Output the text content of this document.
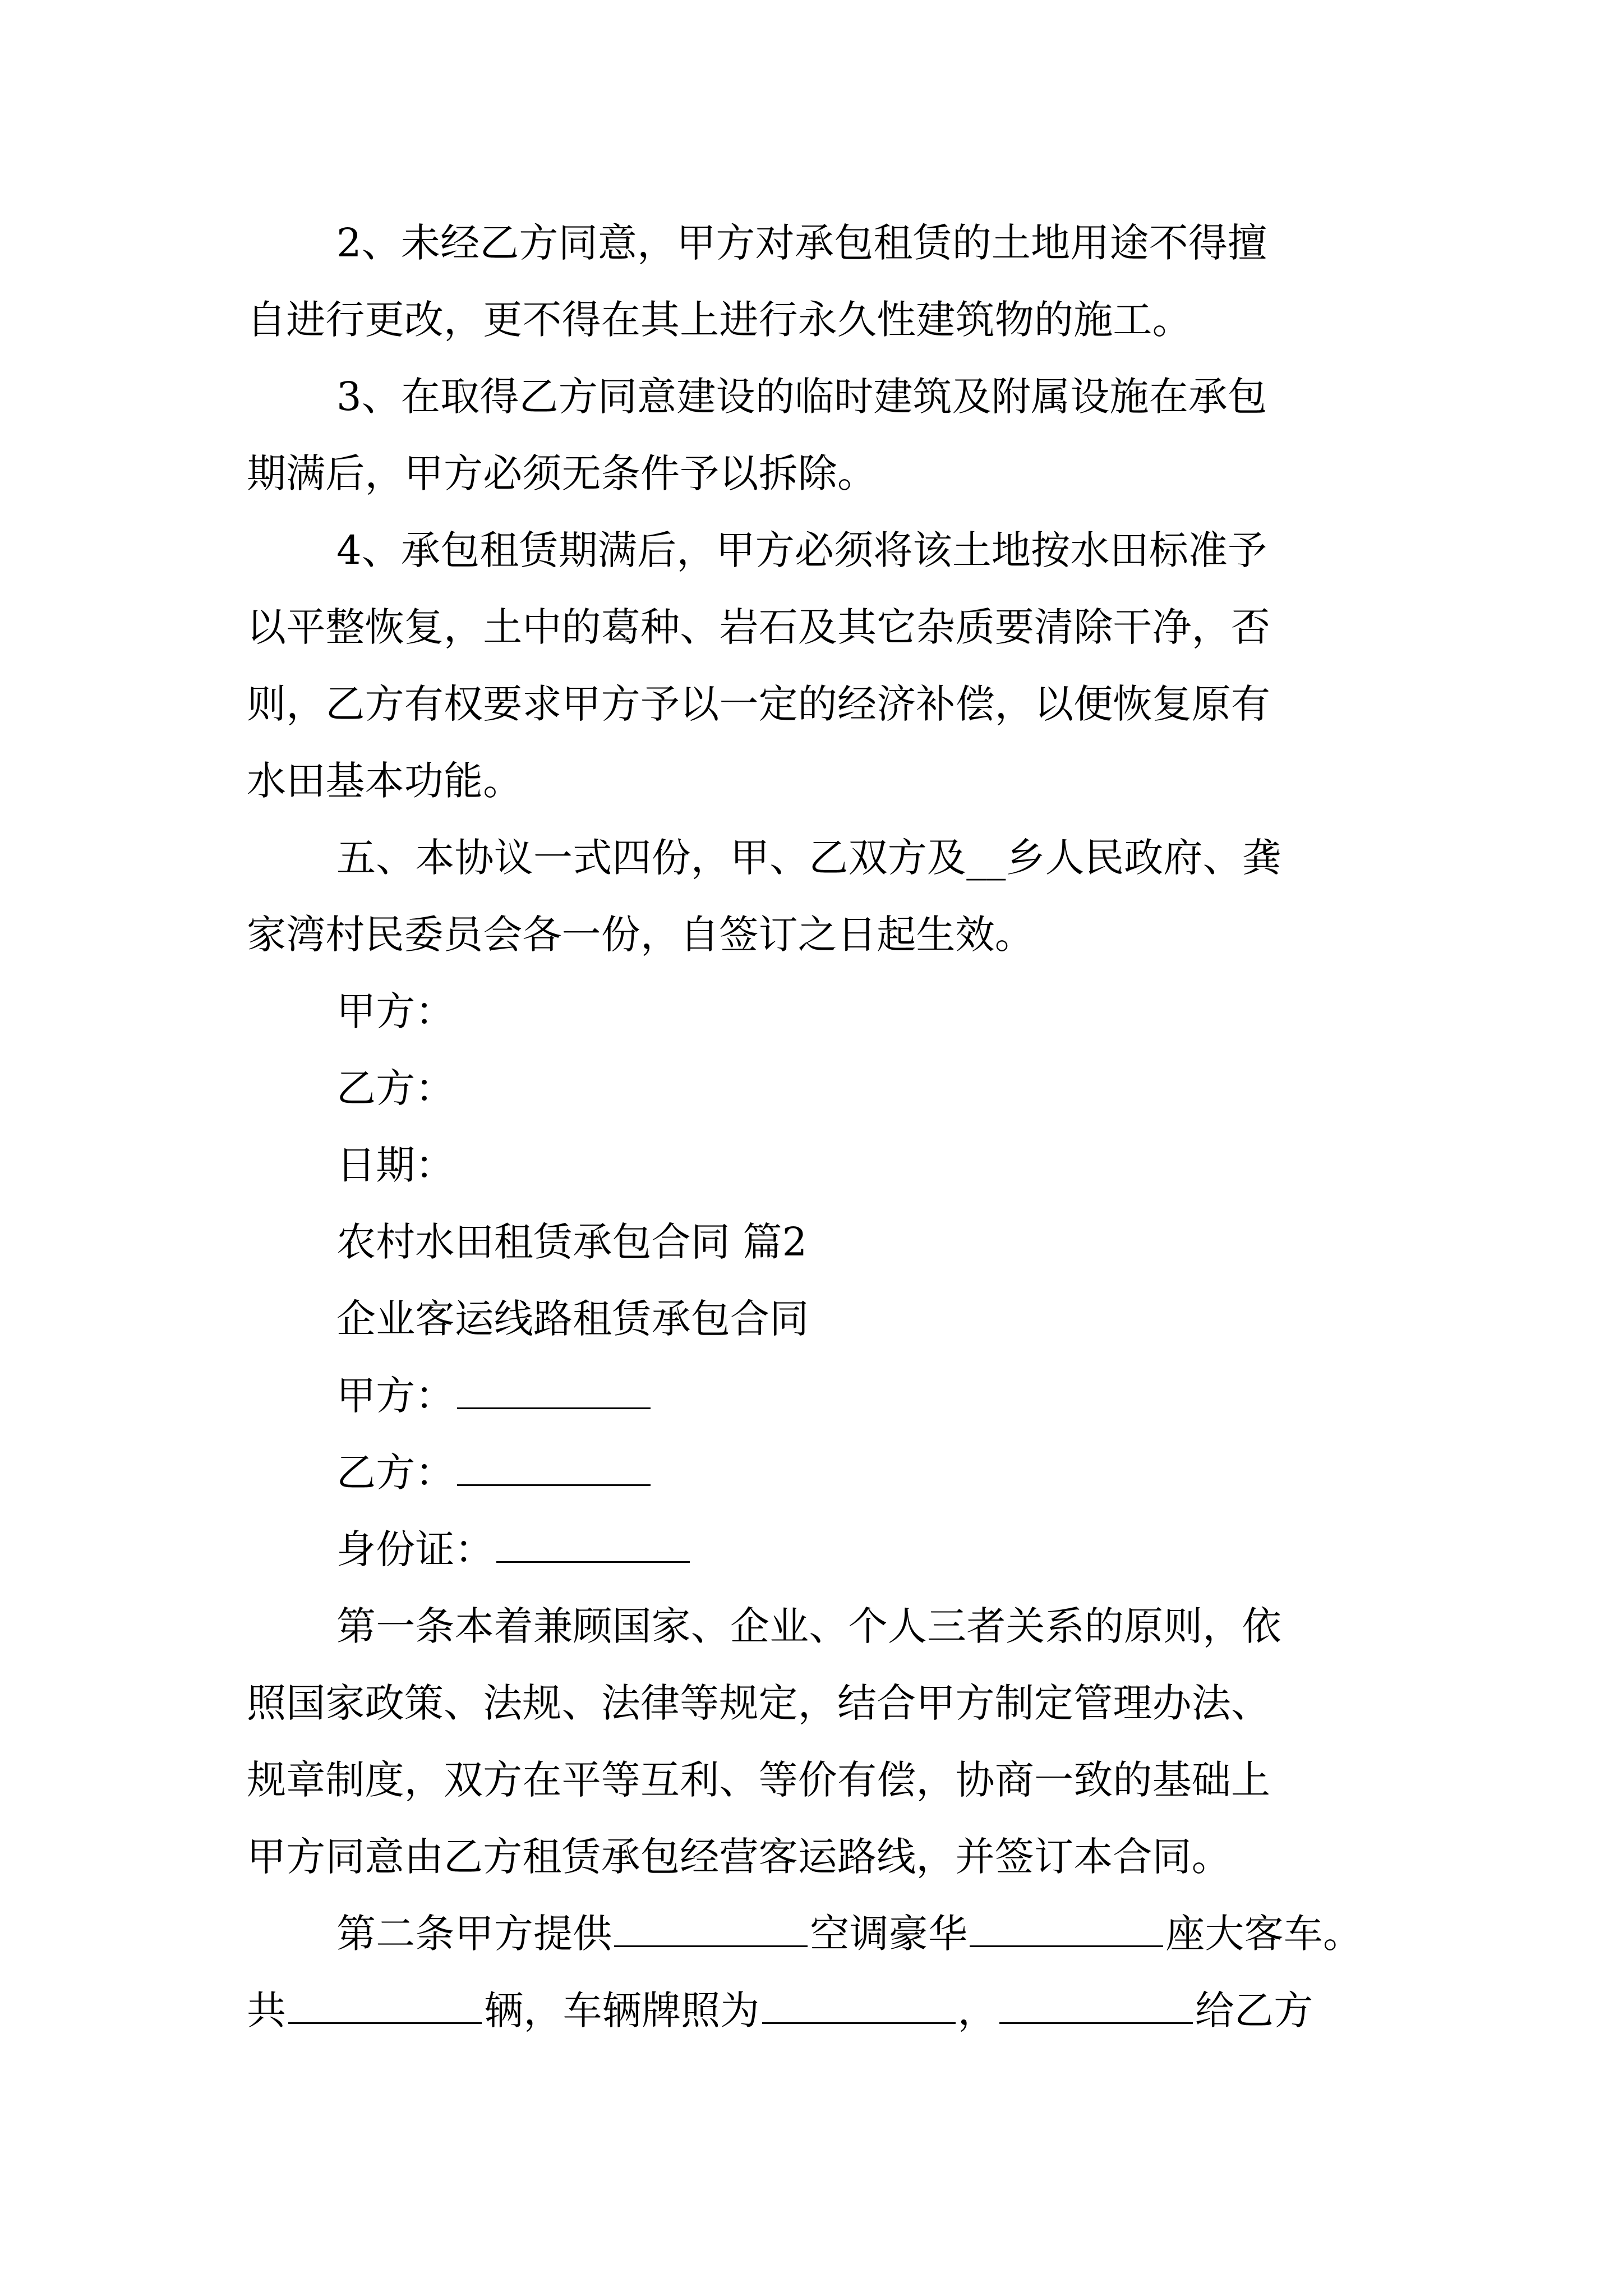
2、未经乙方同意，甲方对承包租赁的土地用途不得擅
自进行更改，更不得在其上进行永久性建筑物的施工。
3、在取得乙方同意建设的临时建筑及附属设施在承包
期满后，甲方必须无条件予以拆除。
4、承包租赁期满后，甲方必须将该土地按水田标准予
以平整恢复，土中的葛种、岩石及其它杂质要清除干净，否
则，乙方有权要求甲方予以一定的经济补偿，以便恢复原有
水田基本功能。
五、本协议一式四份，甲、乙双方及__乡人民政府、龚
家湾村民委员会各一份，自签订之日起生效。
甲方：
乙方：
日期：
农村水田租赁承包合同 篇2
企业客运线路租赁承包合同
甲方：
乙方：
身份证：
第一条本着兼顾国家、企业、个人三者关系的原则，依
照国家政策、法规、法律等规定，结合甲方制定管理办法、
规章制度，双方在平等互利、等价有偿，协商一致的基础上
甲方同意由乙方租赁承包经营客运路线，并签订本合同。
第二条甲方提供	空调豪华	座大客车。
共	辆，车辆牌照为	，	给乙方
